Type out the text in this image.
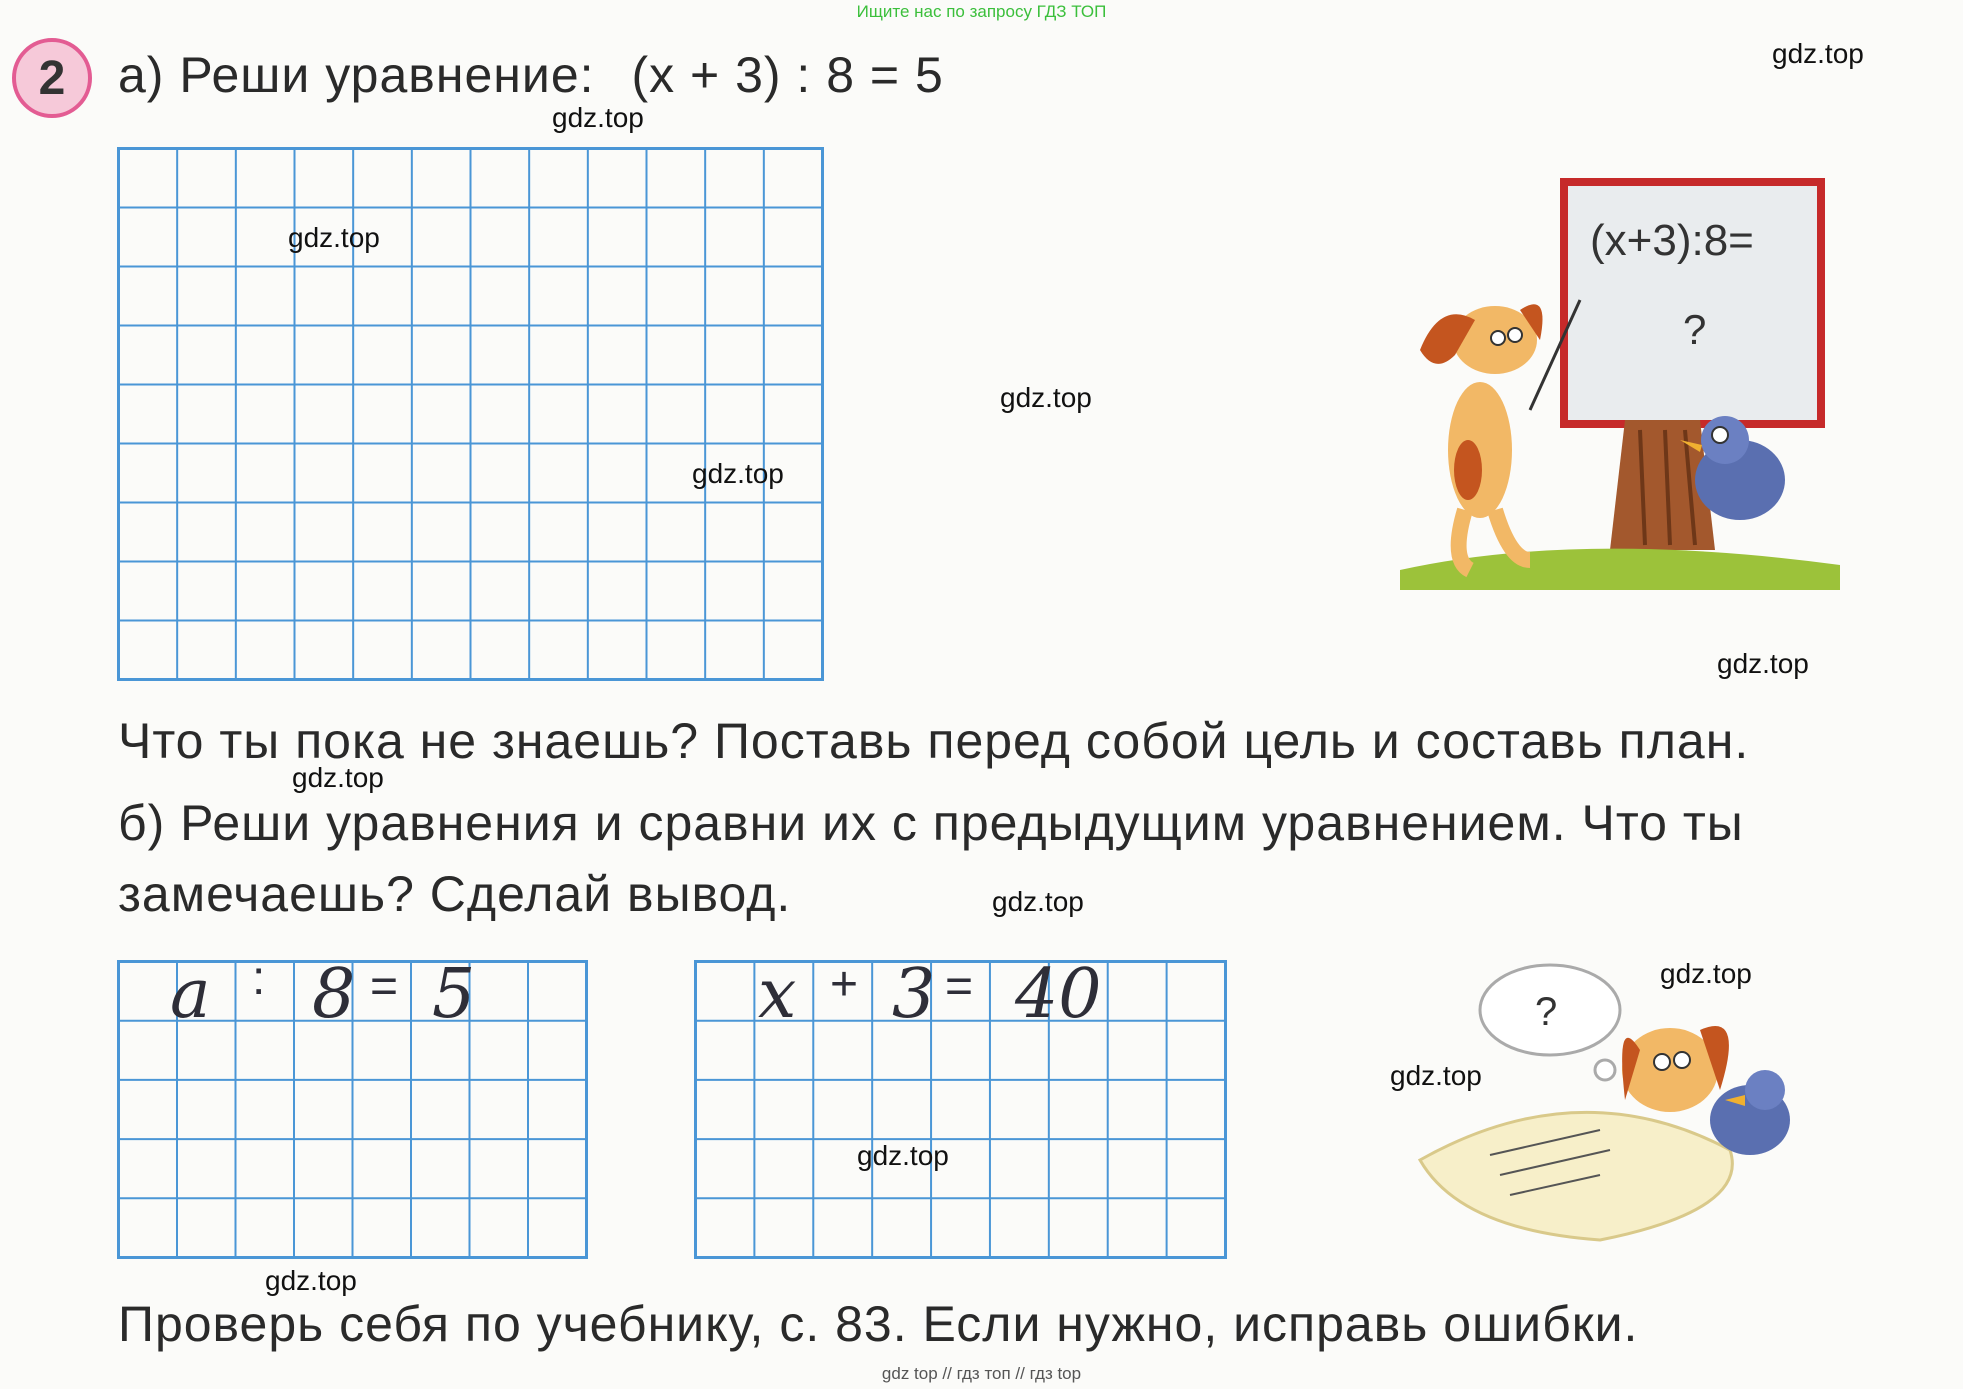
Ищите нас по запросу ГДЗ ТОП
2 а) Реши уравнение: (x + 3) : 8 = 5
(x+3):8=
?
Что ты пока не знаешь? Поставь перед собой цель и составь план.
б) Реши уравнения и сравни их с предыдущим уравнением. Что ты
замечаешь? Сделай вывод.
a : 8 = 5	x + 3 = 40	?
Проверь себя по учебнику, с. 83. Если нужно, исправь ошибки.
gdz.top
gdz.top
gdz.top
gdz.top
gdz.top
gdz.top
gdz.top
gdz.top
gdz.top
gdz.top
gdz.top
gdz.top
gdz top // гдз топ // гдз top
